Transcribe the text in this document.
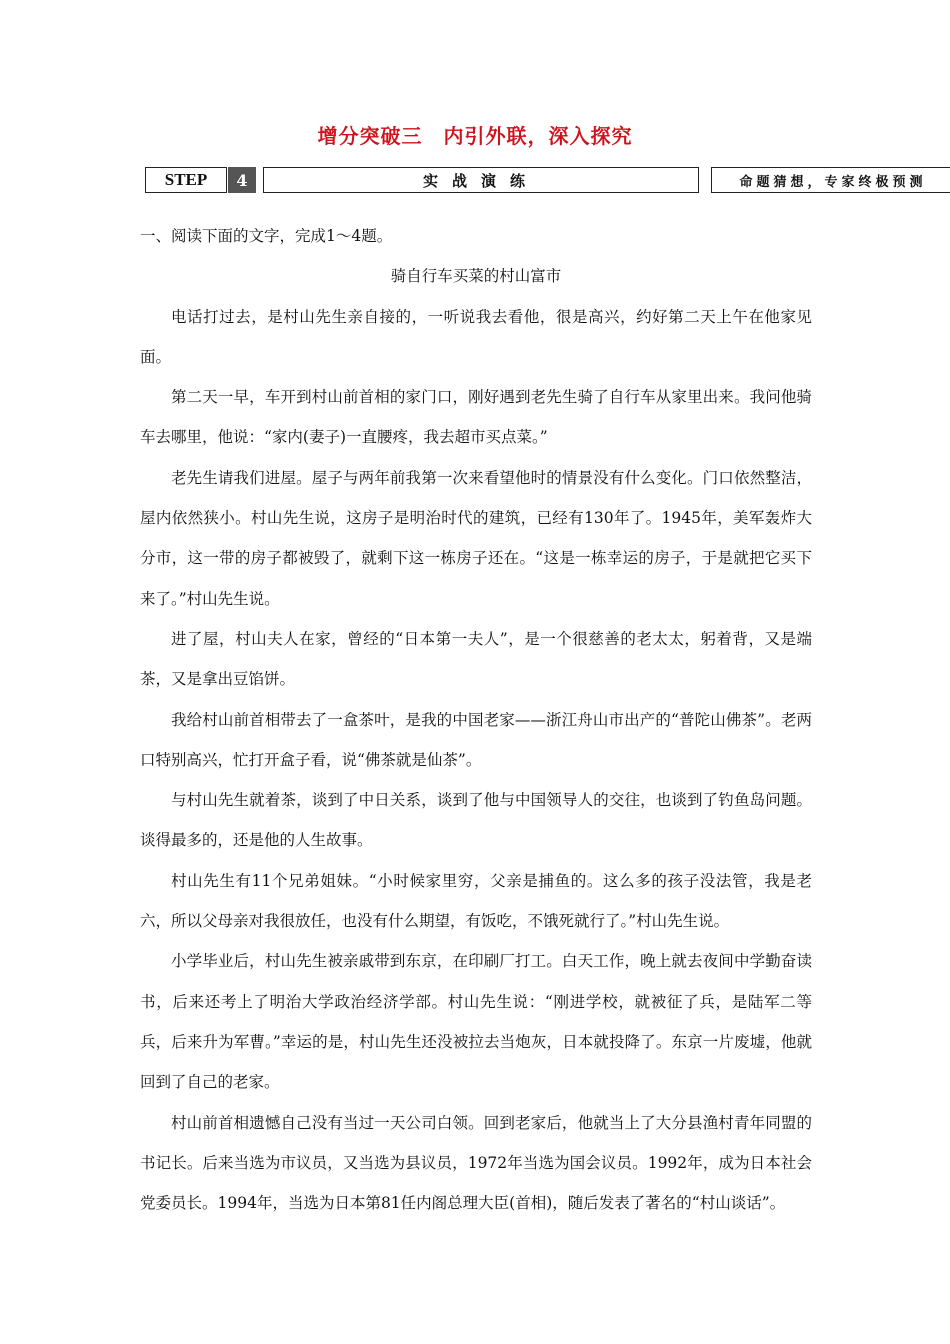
增分突破三　内引外联，深入探究
STEP	4	实战演练	命题猜想，专家终极预测

一、阅读下面的文字，完成1～4题。

骑自行车买菜的村山富市

电话打过去，是村山先生亲自接的，一听说我去看他，很是高兴，约好第二天上午在他家见面。

第二天一早，车开到村山前首相的家门口，刚好遇到老先生骑了自行车从家里出来。我问他骑车去哪里，他说：“家内(妻子)一直腰疼，我去超市买点菜。”

老先生请我们进屋。屋子与两年前我第一次来看望他时的情景没有什么变化。门口依然整洁，屋内依然狭小。村山先生说，这房子是明治时代的建筑，已经有130年了。1945年，美军轰炸大分市，这一带的房子都被毁了，就剩下这一栋房子还在。“这是一栋幸运的房子，于是就把它买下来了。”村山先生说。

进了屋，村山夫人在家，曾经的“日本第一夫人”，是一个很慈善的老太太，躬着背，又是端茶，又是拿出豆馅饼。

我给村山前首相带去了一盒茶叶，是我的中国老家——浙江舟山市出产的“普陀山佛茶”。老两口特别高兴，忙打开盒子看，说“佛茶就是仙茶”。

与村山先生就着茶，谈到了中日关系，谈到了他与中国领导人的交往，也谈到了钓鱼岛问题。谈得最多的，还是他的人生故事。

村山先生有11个兄弟姐妹。“小时候家里穷，父亲是捕鱼的。这么多的孩子没法管，我是老六，所以父母亲对我很放任，也没有什么期望，有饭吃，不饿死就行了。”村山先生说。

小学毕业后，村山先生被亲戚带到东京，在印刷厂打工。白天工作，晚上就去夜间中学勤奋读书，后来还考上了明治大学政治经济学部。村山先生说：“刚进学校，就被征了兵，是陆军二等兵，后来升为军曹。”幸运的是，村山先生还没被拉去当炮灰，日本就投降了。东京一片废墟，他就回到了自己的老家。

村山前首相遗憾自己没有当过一天公司白领。回到老家后，他就当上了大分县渔村青年同盟的书记长。后来当选为市议员，又当选为县议员，1972年当选为国会议员。1992年，成为日本社会党委员长。1994年，当选为日本第81任内阁总理大臣(首相)，随后发表了著名的“村山谈话”。
